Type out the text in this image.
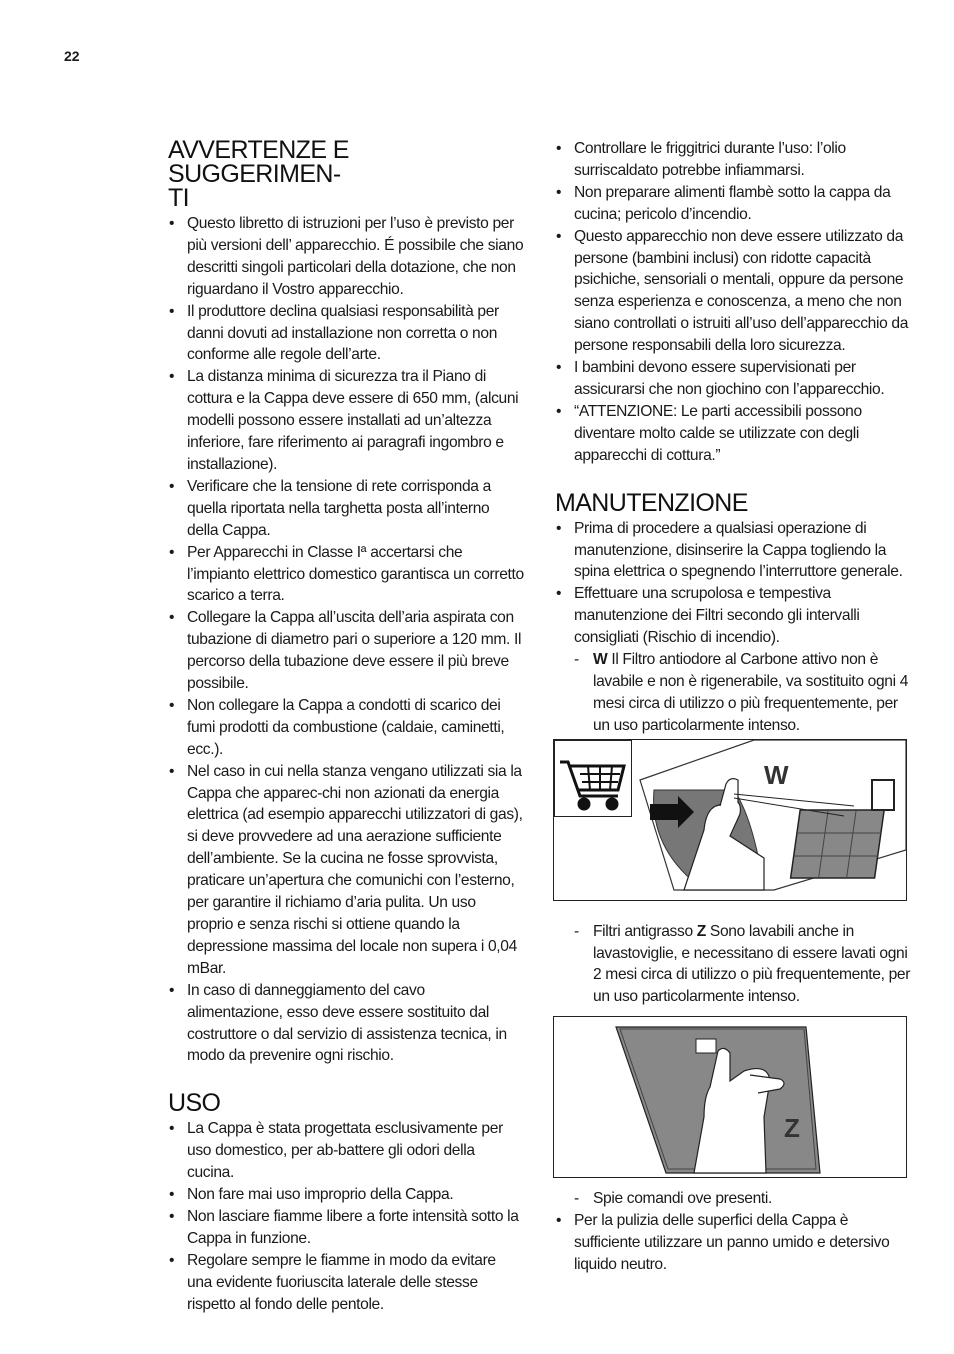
22
AVVERTENZE E SUGGERIMEN-
TI
• Questo libretto di istruzioni per l’uso è previsto per più versioni dell’ apparecchio. É possibile che siano descritti singoli particolari della dotazione, che non riguardano il Vostro apparecchio.
• Il produttore declina qualsiasi responsabilità per danni dovuti ad installazione non corretta o non conforme alle regole dell’arte.
• La distanza minima di sicurezza tra il Piano di cottura e la Cappa deve essere di 650 mm, (alcuni modelli possono essere installati ad un’altezza inferiore, fare riferimento ai paragrafi ingombro e installazione).
• Verificare che la tensione di rete corrisponda a quella riportata nella targhetta posta all’interno della Cappa.
• Per Apparecchi in Classe Iª accertarsi che l’impianto elettrico domestico garantisca un corretto scarico a terra.
• Collegare la Cappa all’uscita dell’aria aspirata con tubazione di diametro pari o superiore a 120 mm. Il percorso della tubazione deve essere il più breve possibile.
• Non collegare la Cappa a condotti di scarico dei fumi prodotti da combustione (caldaie, caminetti, ecc.).
• Nel caso in cui nella stanza vengano utilizzati sia la Cappa che apparec-chi non azionati da energia elettrica (ad esempio apparecchi utilizzatori di gas), si deve provvedere ad una aerazione sufficiente dell’ambiente. Se la cucina ne fosse sprovvista, praticare un’apertura che comunichi con l’esterno, per garantire il richiamo d’aria pulita. Un uso proprio e senza rischi si ottiene quando la depressione massima del locale non supera i 0,04 mBar.
• In caso di danneggiamento del cavo alimentazione, esso deve essere sostituito dal costruttore o dal servizio di assistenza tecnica, in modo da prevenire ogni rischio.
USO
• La Cappa è stata progettata esclusivamente per uso domestico, per ab-battere gli odori della cucina.
• Non fare mai uso improprio della Cappa.
• Non lasciare fiamme libere a forte intensità sotto la Cappa in funzione.
• Regolare sempre le fiamme in modo da evitare una evidente fuoriuscita laterale delle stesse rispetto al fondo delle pentole.
• Controllare le friggitrici durante l’uso: l’olio surriscaldato potrebbe infiammarsi.
• Non preparare alimenti flambè sotto la cappa da cucina; pericolo d’incendio.
• Questo apparecchio non deve essere utilizzato da persone (bambini inclusi) con ridotte capacità psichiche, sensoriali o mentali, oppure da persone senza esperienza e conoscenza, a meno che non siano controllati o istruiti all’uso dell’apparecchio da persone responsabili della loro sicurezza.
• I bambini devono essere supervisionati per assicurarsi che non giochino con l’apparecchio.
• “ATTENZIONE: Le parti accessibili possono diventare molto calde se utilizzate con degli apparecchi di cottura.”
MANUTENZIONE
• Prima di procedere a qualsiasi operazione di manutenzione, disinserire la Cappa togliendo la spina elettrica o spegnendo l’interruttore generale.
• Effettuare una scrupolosa e tempestiva manutenzione dei Filtri secondo gli intervalli consigliati (Rischio di incendio).
- W Il Filtro antiodore al Carbone attivo non è lavabile e non è rigenerabile, va sostituito ogni 4 mesi circa di utilizzo o più frequentemente, per un uso particolarmente intenso.
W
- Filtri antigrasso Z Sono lavabili anche in lavastoviglie, e necessitano di essere lavati ogni 2 mesi circa di utilizzo o più frequentemente, per un uso particolarmente intenso.
Z
- Spie comandi ove presenti.
• Per la pulizia delle superfici della Cappa è sufficiente utilizzare un panno umido e detersivo liquido neutro.
